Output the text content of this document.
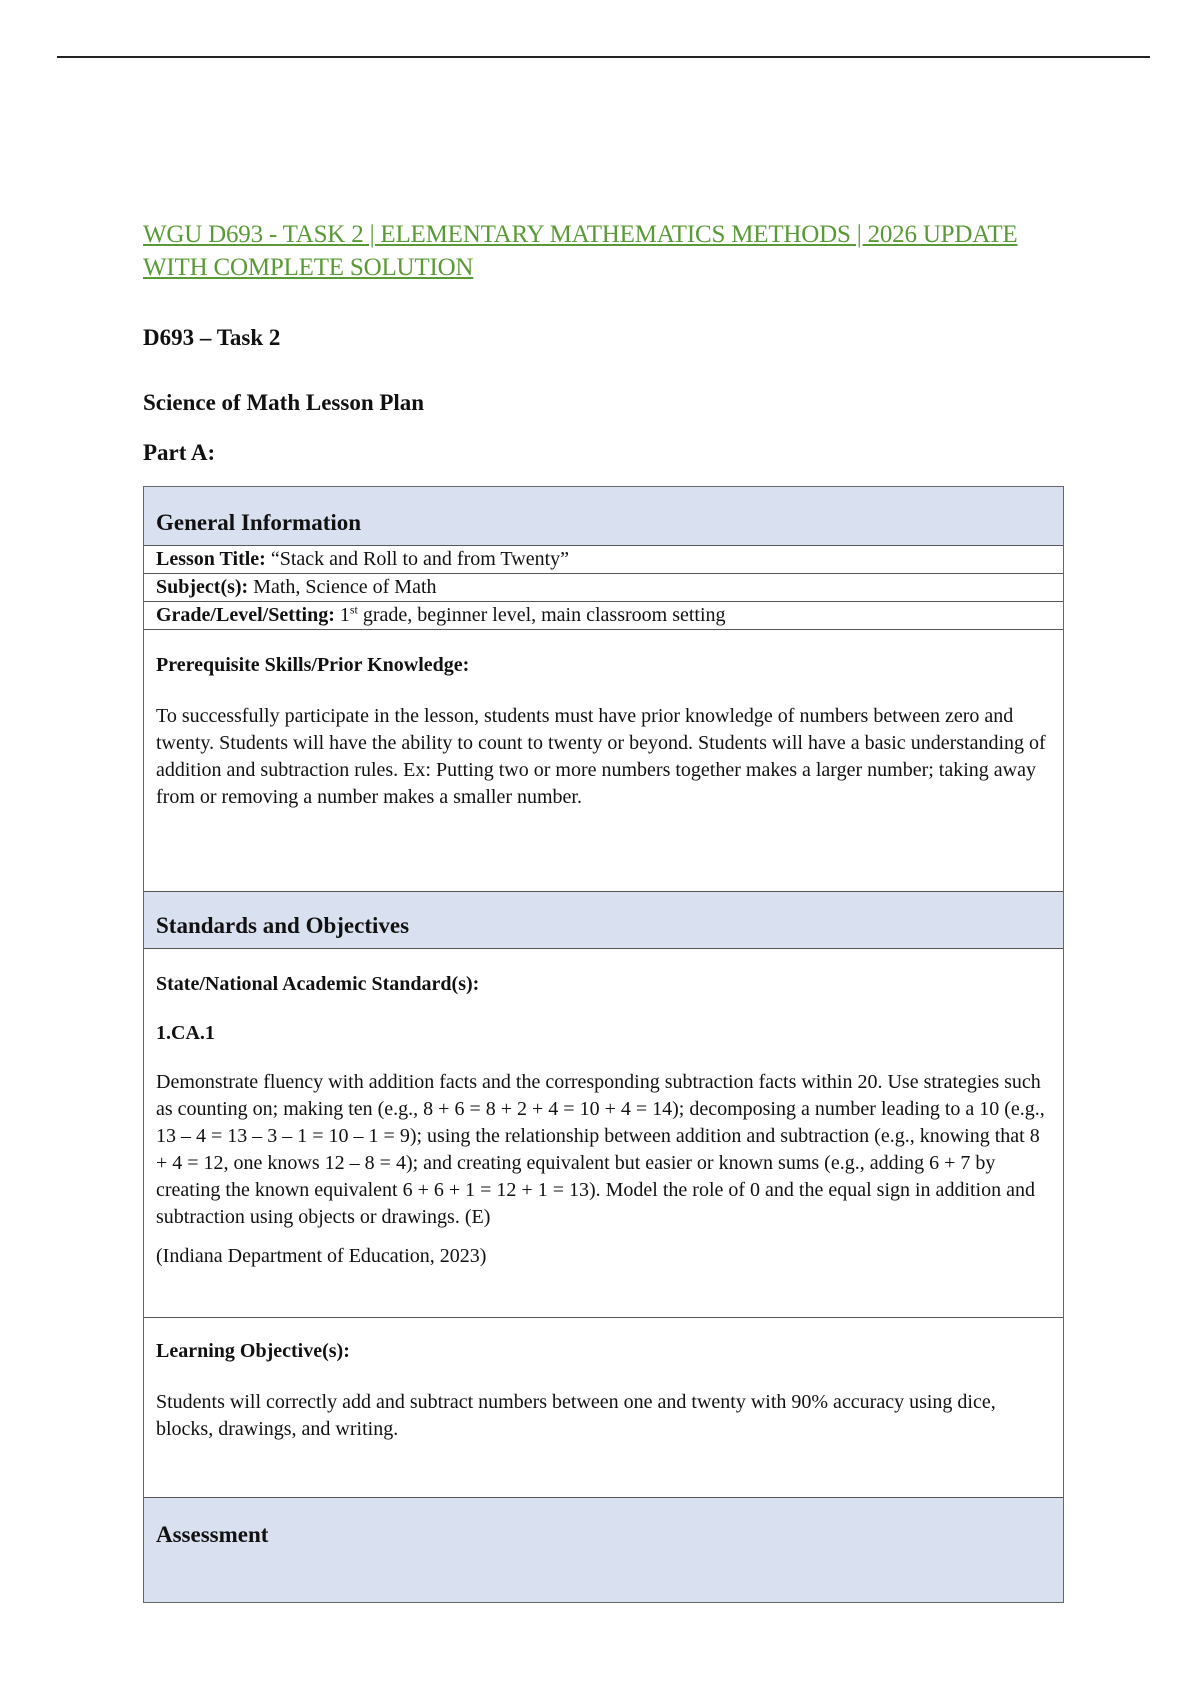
WGU D693 - TASK 2 | ELEMENTARY MATHEMATICS METHODS | 2026 UPDATE WITH COMPLETE SOLUTION
D693 – Task 2
Science of Math Lesson Plan
Part A:
General Information
Lesson Title: “Stack and Roll to and from Twenty”
Subject(s): Math, Science of Math
Grade/Level/Setting: 1st grade, beginner level, main classroom setting

Prerequisite Skills/Prior Knowledge:

To successfully participate in the lesson, students must have prior knowledge of numbers between zero and twenty. Students will have the ability to count to twenty or beyond. Students will have a basic understanding of addition and subtraction rules. Ex: Putting two or more numbers together makes a larger number; taking away from or removing a number makes a smaller number.

Standards and Objectives

State/National Academic Standard(s):

1.CA.1

Demonstrate fluency with addition facts and the corresponding subtraction facts within 20. Use strategies such as counting on; making ten (e.g., 8 + 6 = 8 + 2 + 4 = 10 + 4 = 14); decomposing a number leading to a 10 (e.g., 13 – 4 = 13 – 3 – 1 = 10 – 1 = 9); using the relationship between addition and subtraction (e.g., knowing that 8 + 4 = 12, one knows 12 – 8 = 4); and creating equivalent but easier or known sums (e.g., adding 6 + 7 by creating the known equivalent 6 + 6 + 1 = 12 + 1 = 13). Model the role of 0 and the equal sign in addition and subtraction using objects or drawings. (E)

(Indiana Department of Education, 2023)

Learning Objective(s):

Students will correctly add and subtract numbers between one and twenty with 90% accuracy using dice, blocks, drawings, and writing.

Assessment
